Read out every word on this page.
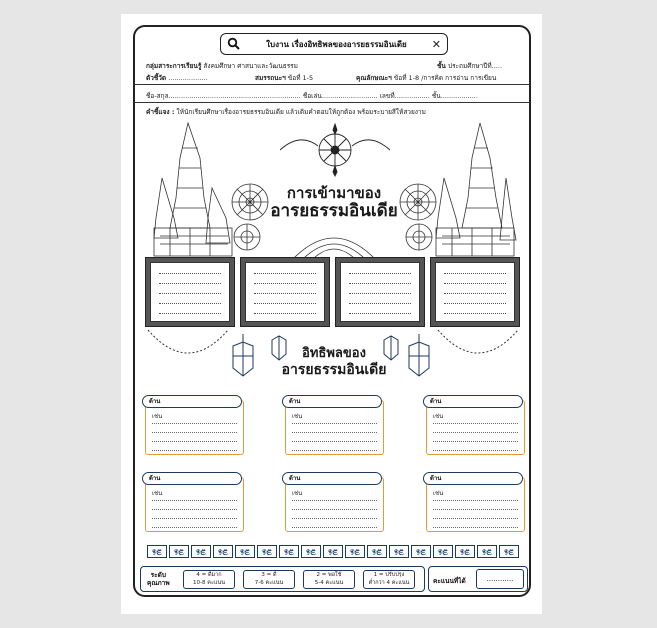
ใบงาน เรื่องอิทธิพลของอารยธรรมอินเดีย	✕
กลุ่มสาระการเรียนรู้ สังคมศึกษา ศาสนาและวัฒนธรรม	ชั้น ประถมศึกษาปีที่.....
ตัวชี้วัด ...................	สมรรถนะฯ ข้อที่ 1-5	คุณลักษณะฯ ข้อที่ 1-8 /การคิด การอ่าน การเขียน
ชื่อ-สกุล................................................................ ชื่อเล่น........................... เลขที่................. ชั้น..................
คำชี้แจง : ให้นักเรียนศึกษาเรื่องอารยธรรมอินเดีย แล้วเติมคำตอบให้ถูกต้อง พร้อมระบายสีให้สวยงาม
การเข้ามาของ
อารยธรรมอินเดีย
อิทธิพลของ
อารยธรรมอินเดีย
ด้าน
เช่น
ด้าน
เช่น
ด้าน
เช่น
ด้าน
เช่น
ด้าน
เช่น
ด้าน
เช่น
ඉළ	ඉළ	ඉළ	ඉළ	ඉළ	ඉළ	ඉළ	ඉළ	ඉළ	ඉළ	ඉළ	ඉළ	ඉළ	ඉළ	ඉළ	ඉළ	ඉළ
ระดับ
คุณภาพ
4 = ดีมาก
10-8 คะแนน
3 = ดี
7-6 คะแนน
2 = พอใช้
5-4 คะแนน
1 = ปรับปรุง
ต่ำกว่า 4 คะแนน	คะแนนที่ได้	............
